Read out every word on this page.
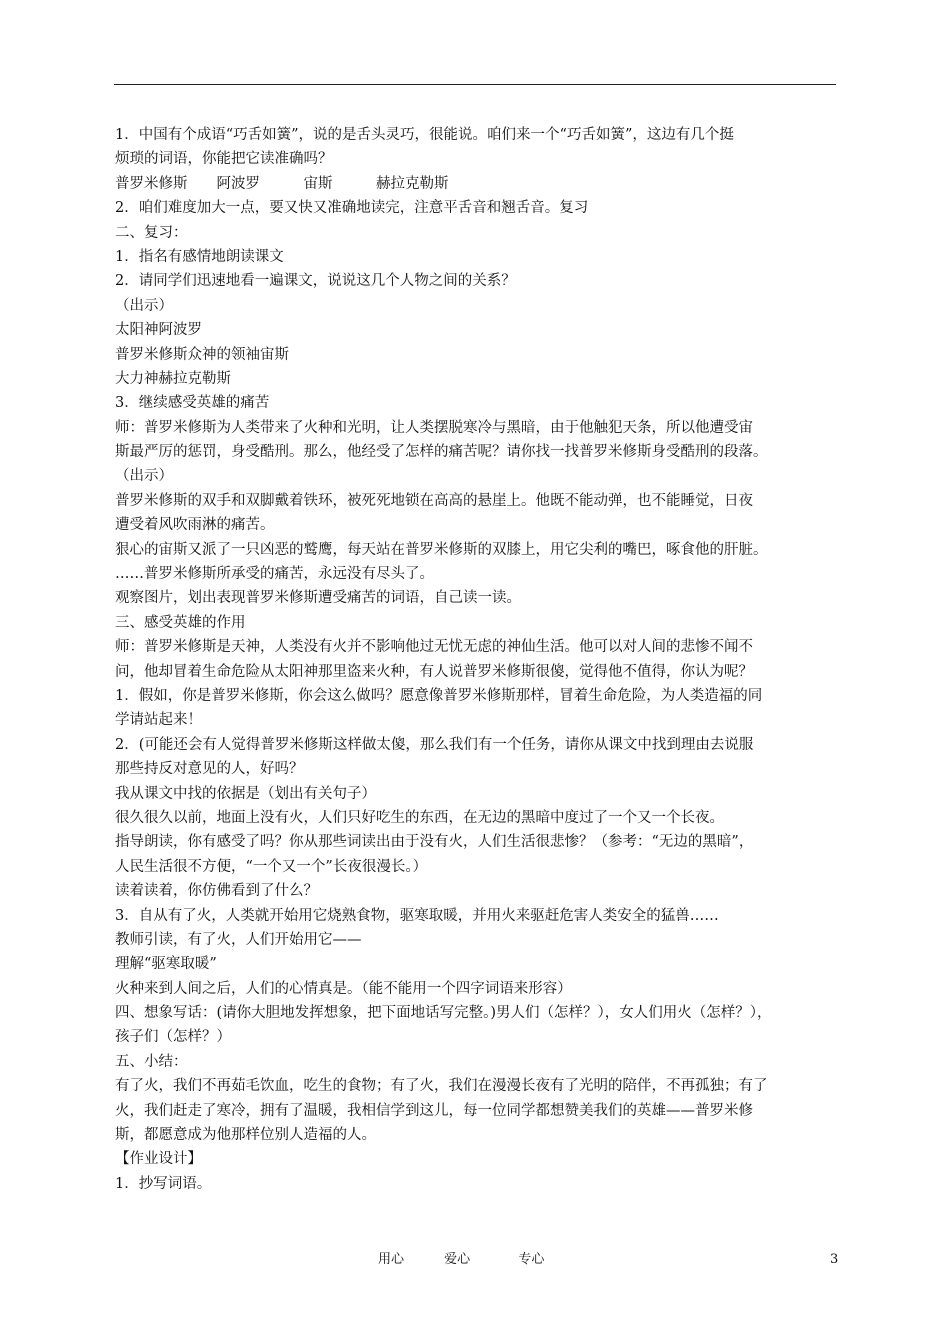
1．中国有个成语“巧舌如簧”，说的是舌头灵巧，很能说。咱们来一个“巧舌如簧”，这边有几个挺
烦琐的词语，你能把它读准确吗？
普罗米修斯　　阿波罗　　　宙斯　　　赫拉克勒斯
2．咱们难度加大一点，要又快又准确地读完，注意平舌音和翘舌音。复习
二、复习：
1．指名有感情地朗读课文
2．请同学们迅速地看一遍课文，说说这几个人物之间的关系？
（出示）
太阳神阿波罗
普罗米修斯众神的领袖宙斯
大力神赫拉克勒斯
3．继续感受英雄的痛苦
师：普罗米修斯为人类带来了火种和光明，让人类摆脱寒冷与黑暗，由于他触犯天条，所以他遭受宙
斯最严厉的惩罚，身受酷刑。那么，他经受了怎样的痛苦呢？请你找一找普罗米修斯身受酷刑的段落。
（出示）
普罗米修斯的双手和双脚戴着铁环，被死死地锁在高高的悬崖上。他既不能动弹，也不能睡觉，日夜
遭受着风吹雨淋的痛苦。
狠心的宙斯又派了一只凶恶的鹫鹰，每天站在普罗米修斯的双膝上，用它尖利的嘴巴，啄食他的肝脏。
……普罗米修斯所承受的痛苦，永远没有尽头了。
观察图片，划出表现普罗米修斯遭受痛苦的词语，自己读一读。
三、感受英雄的作用
师：普罗米修斯是天神，人类没有火并不影响他过无忧无虑的神仙生活。他可以对人间的悲惨不闻不
问，他却冒着生命危险从太阳神那里盗来火种，有人说普罗米修斯很傻，觉得他不值得，你认为呢？
1．假如，你是普罗米修斯，你会这么做吗？愿意像普罗米修斯那样，冒着生命危险，为人类造福的同
学请站起来！
2．(可能还会有人觉得普罗米修斯这样做太傻，那么我们有一个任务，请你从课文中找到理由去说服
那些持反对意见的人，好吗？
我从课文中找的依据是（划出有关句子）
很久很久以前，地面上没有火，人们只好吃生的东西，在无边的黑暗中度过了一个又一个长夜。
指导朗读，你有感受了吗？你从那些词读出由于没有火，人们生活很悲惨？（参考：“无边的黑暗”，
人民生活很不方便，“一个又一个”长夜很漫长。）
读着读着，你仿佛看到了什么？
3．自从有了火，人类就开始用它烧熟食物，驱寒取暖，并用火来驱赶危害人类安全的猛兽……
教师引读，有了火，人们开始用它——
理解“驱寒取暖”
火种来到人间之后，人们的心情真是。（能不能用一个四字词语来形容）
四、想象写话：(请你大胆地发挥想象，把下面地话写完整。)男人们（怎样？），女人们用火（怎样？），
孩子们（怎样？）
五、小结：
有了火，我们不再茹毛饮血，吃生的食物；有了火，我们在漫漫长夜有了光明的陪伴，不再孤独；有了
火，我们赶走了寒冷，拥有了温暖，我相信学到这儿，每一位同学都想赞美我们的英雄——普罗米修
斯，都愿意成为他那样位别人造福的人。
【作业设计】
1．抄写词语。
用心	爱心	专心	3
